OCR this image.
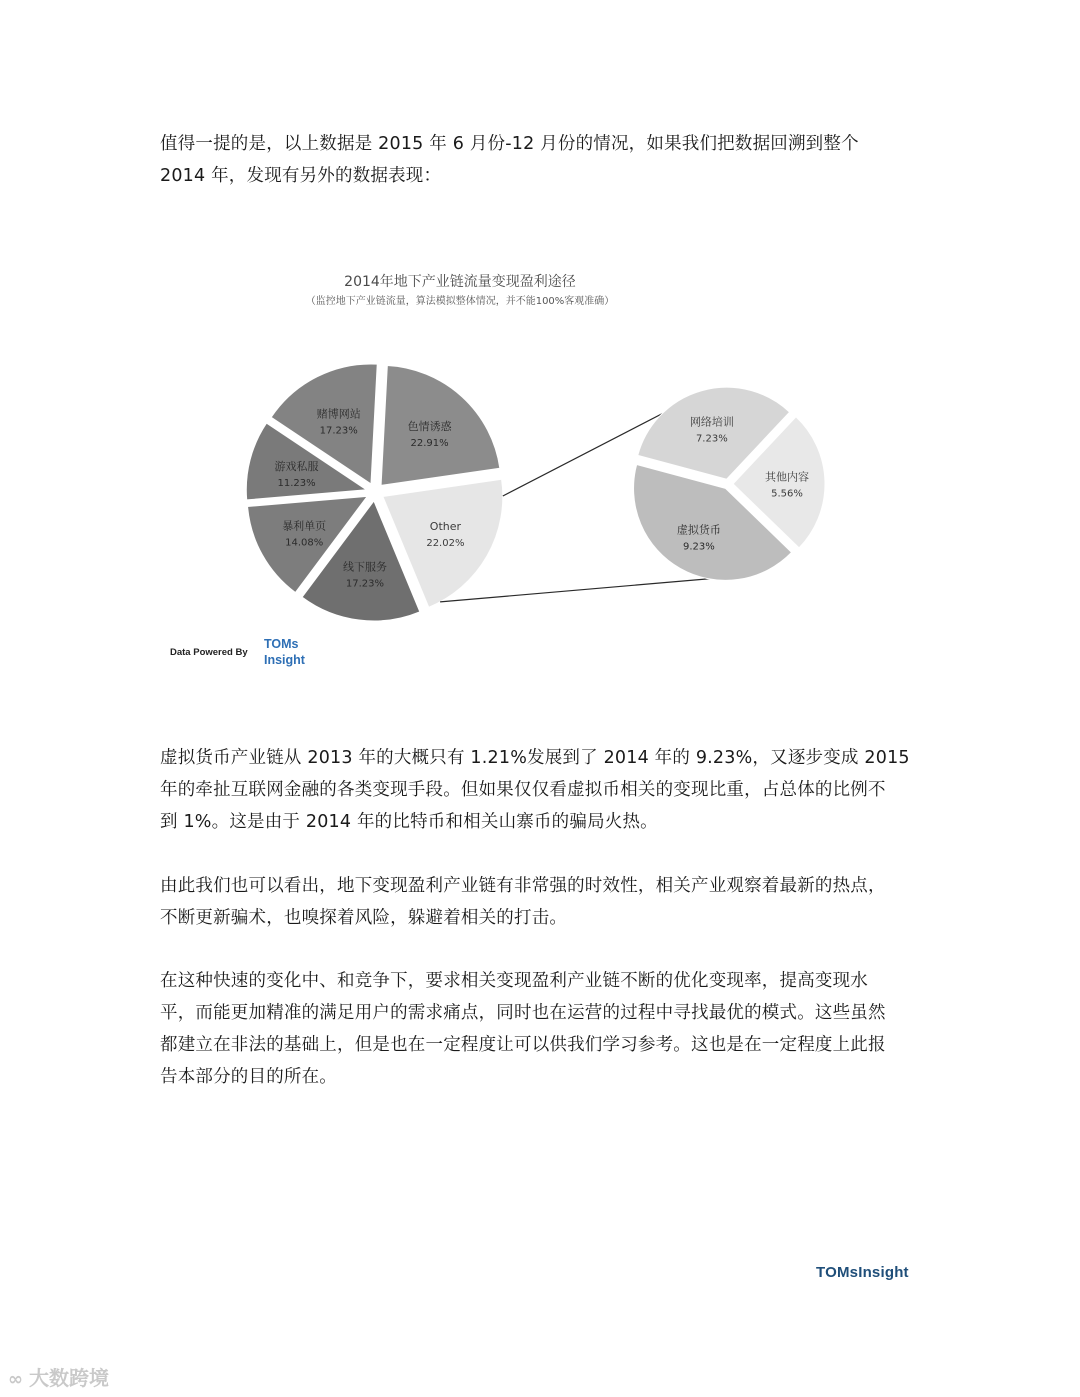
值得一提的是，以上数据是 2015 年 6 月份-12 月份的情况，如果我们把数据回溯到整个
2014 年，发现有另外的数据表现：

2014年地下产业链流量变现盈利途径
（监控地下产业链流量，算法模拟整体情况，并不能100%客观准确）
色情诱惑
22.91%
Other
22.02%
线下服务
17.23%
暴利单页
14.08%
游戏私服
11.23%
赌博网站
17.23%
网络培训
7.23%
其他内容
5.56%
虚拟货币
9.23%
Data Powered By
TOMs
Insight

虚拟货币产业链从 2013 年的大概只有 1.21%发展到了 2014 年的 9.23%，又逐步变成 2015
年的牵扯互联网金融的各类变现手段。但如果仅仅看虚拟币相关的变现比重，占总体的比例不
到 1%。这是由于 2014 年的比特币和相关山寨币的骗局火热。

由此我们也可以看出，地下变现盈利产业链有非常强的时效性，相关产业观察着最新的热点，
不断更新骗术，也嗅探着风险，躲避着相关的打击。

在这种快速的变化中、和竞争下，要求相关变现盈利产业链不断的优化变现率，提高变现水
平，而能更加精准的满足用户的需求痛点，同时也在运营的过程中寻找最优的模式。这些虽然
都建立在非法的基础上，但是也在一定程度让可以供我们学习参考。这也是在一定程度上此报
告本部分的目的所在。

TOMsInsight
∞ 大数跨境
